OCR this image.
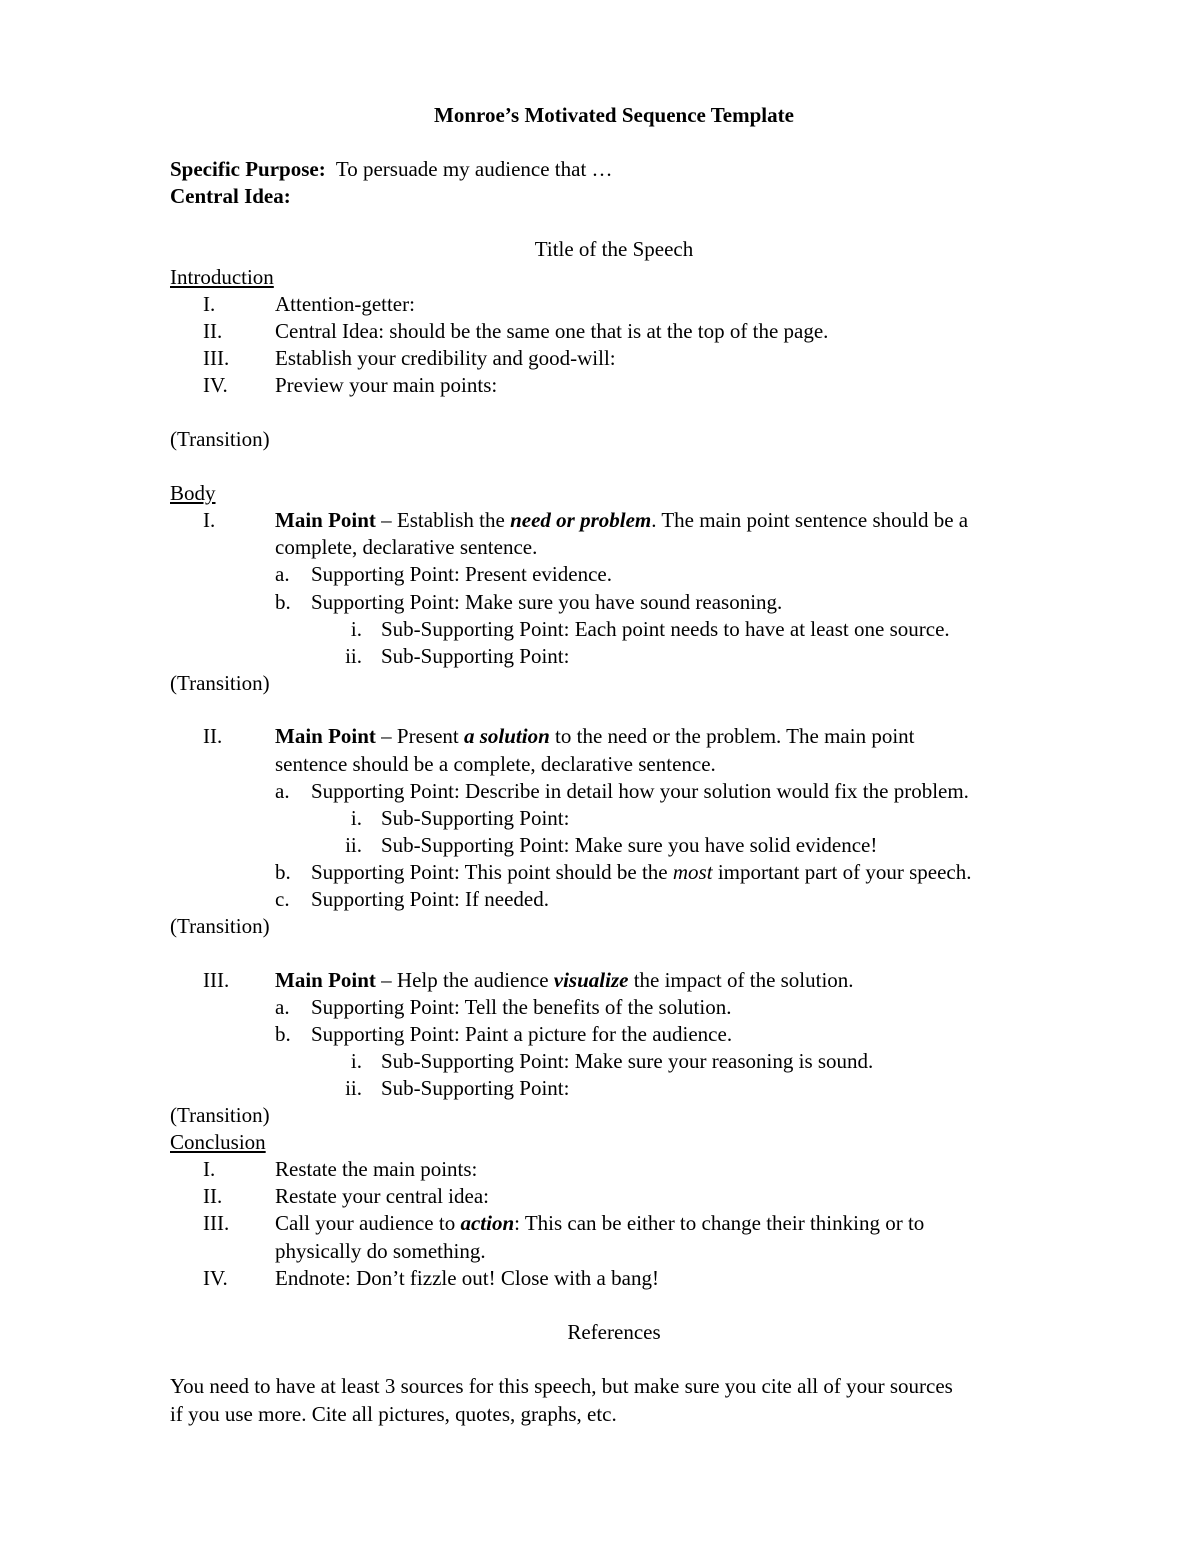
Monroe’s Motivated Sequence Template
Specific Purpose: To persuade my audience that …
Central Idea:
Title of the Speech
Introduction
I.	Attention-getter:
II.	Central Idea: should be the same one that is at the top of the page.
III. Establish your credibility and good-will:
IV. Preview your main points:
(Transition)
Body
I.	Main Point – Establish the need or problem. The main point sentence should be a
complete, declarative sentence.
a. Supporting Point: Present evidence.
b. Supporting Point: Make sure you have sound reasoning.
i. Sub-Supporting Point: Each point needs to have at least one source.
ii. Sub-Supporting Point:
(Transition)
II.	Main Point – Present a solution to the need or the problem. The main point
sentence should be a complete, declarative sentence.
a. Supporting Point: Describe in detail how your solution would fix the problem.
i. Sub-Supporting Point:
ii. Sub-Supporting Point: Make sure you have solid evidence!
b. Supporting Point: This point should be the most important part of your speech.
c. Supporting Point: If needed.
(Transition)
III. Main Point – Help the audience visualize the impact of the solution.
a. Supporting Point: Tell the benefits of the solution.
b. Supporting Point: Paint a picture for the audience.
i. Sub-Supporting Point: Make sure your reasoning is sound.
ii. Sub-Supporting Point:
(Transition)
Conclusion
I.	Restate the main points:
II.	Restate your central idea:
III. Call your audience to action: This can be either to change their thinking or to
physically do something.
IV. Endnote: Don’t fizzle out! Close with a bang!
References
You need to have at least 3 sources for this speech, but make sure you cite all of your sources
if you use more. Cite all pictures, quotes, graphs, etc.
